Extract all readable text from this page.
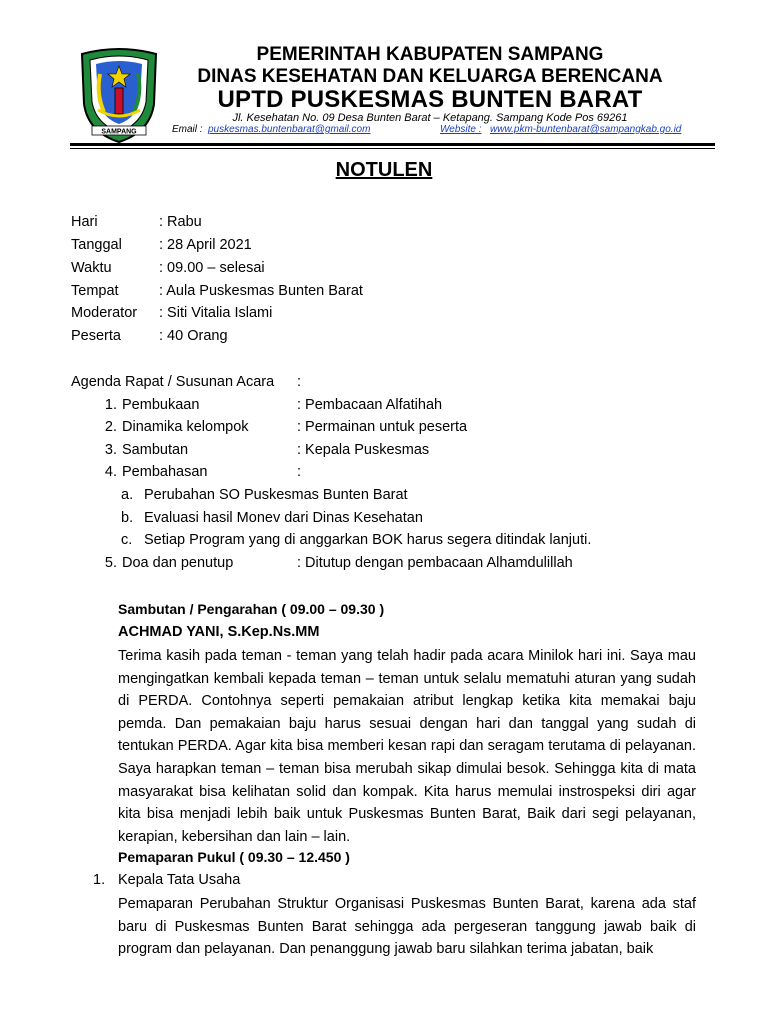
SAMPANG
PEMERINTAH KABUPATEN SAMPANG
DINAS KESEHATAN DAN KELUARGA BERENCANA
UPTD PUSKESMAS BUNTEN BARAT
Jl. Kesehatan No. 09 Desa Bunten Barat – Ketapang. Sampang Kode Pos 69261
Email : puskesmas.buntenbarat@gmail.com	Website : www.pkm-buntenbarat@sampangkab.go.id
NOTULEN
Hari	: Rabu
Tanggal	: 28 April 2021
Waktu	: 09.00 – selesai
Tempat	: Aula Puskesmas Bunten Barat
Moderator : Siti Vitalia Islami
Peserta	: 40 Orang
Agenda Rapat / Susunan Acara :
1. Pembukaan	: Pembacaan Alfatihah
2. Dinamika kelompok	: Permainan untuk peserta
3. Sambutan	: Kepala Puskesmas
4. Pembahasan	:
a. Perubahan SO Puskesmas Bunten Barat
b. Evaluasi hasil Monev dari Dinas Kesehatan
c. Setiap Program yang di anggarkan BOK harus segera ditindak lanjuti.
5. Doa dan penutup	: Ditutup dengan pembacaan Alhamdulillah
Sambutan / Pengarahan ( 09.00 – 09.30 )
ACHMAD YANI, S.Kep.Ns.MM
Terima kasih pada teman - teman yang telah hadir pada acara Minilok hari ini. Saya mau mengingatkan kembali kepada teman – teman untuk selalu mematuhi aturan yang sudah di PERDA. Contohnya seperti pemakaian atribut lengkap ketika kita memakai baju pemda. Dan pemakaian baju harus sesuai dengan hari dan tanggal yang sudah di tentukan PERDA. Agar kita bisa memberi kesan rapi dan seragam terutama di pelayanan. Saya harapkan teman – teman bisa merubah sikap dimulai besok. Sehingga kita di mata masyarakat bisa kelihatan solid dan kompak. Kita harus memulai instrospeksi diri agar kita bisa menjadi lebih baik untuk Puskesmas Bunten Barat, Baik dari segi pelayanan, kerapian, kebersihan dan lain – lain.
Pemaparan Pukul ( 09.30 – 12.450 )
1. Kepala Tata Usaha
Pemaparan Perubahan Struktur Organisasi Puskesmas Bunten Barat, karena ada staf baru di Puskesmas Bunten Barat sehingga ada pergeseran tanggung jawab baik di program dan pelayanan. Dan penanggung jawab baru silahkan terima jabatan, baik
